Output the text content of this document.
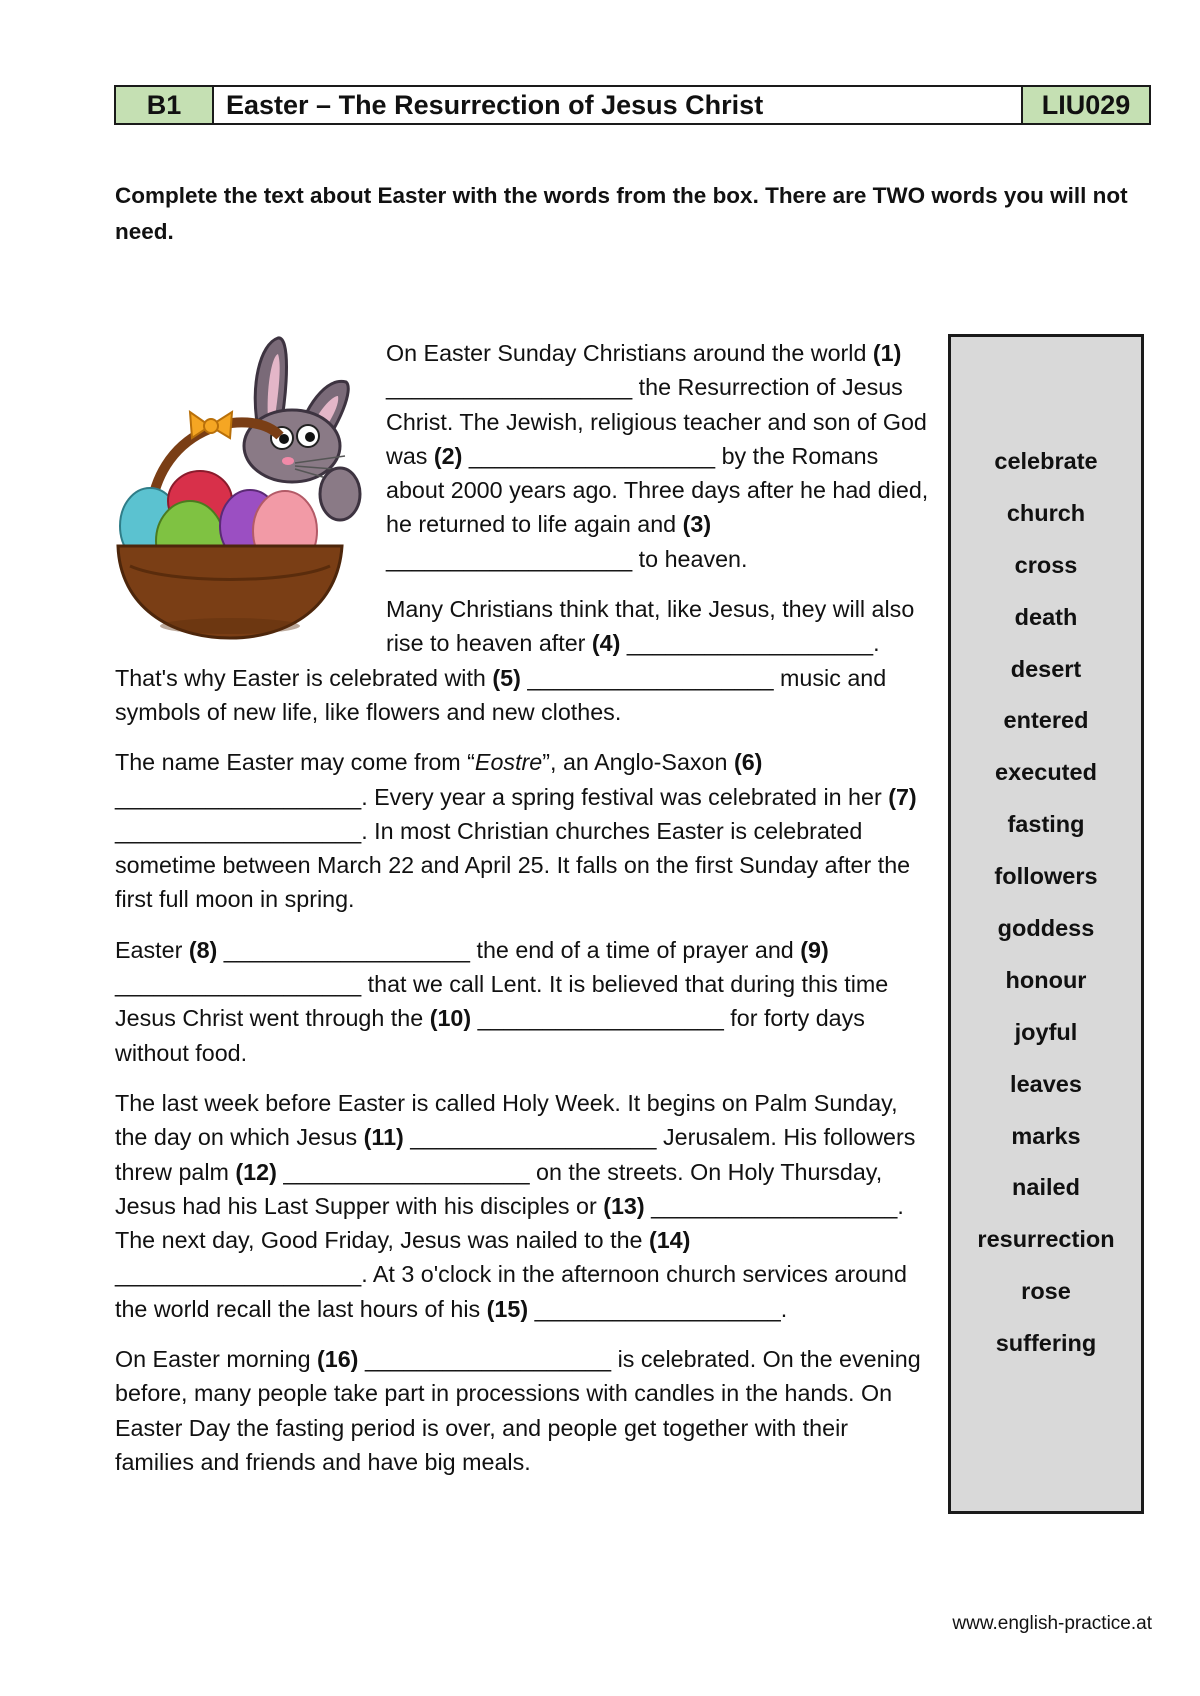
B1	Easter – The Resurrection of Jesus Christ	LIU029
Complete the text about Easter with the words from the box. There are TWO words you will not need.

On Easter Sunday Christians around the world (1) ___________________ the Resurrection of Jesus Christ. The Jewish, religious teacher and son of God was (2) ___________________ by the Romans about 2000 years ago. Three days after he had died, he returned to life again and (3) ___________________ to heaven.

Many Christians think that, like Jesus, they will also rise to heaven after (4) ___________________. That's why Easter is celebrated with (5) ___________________ music and symbols of new life, like flowers and new clothes.

The name Easter may come from “Eostre”, an Anglo-Saxon (6) ___________________. Every year a spring festival was celebrated in her (7) ___________________. In most Christian churches Easter is celebrated sometime between March 22 and April 25. It falls on the first Sunday after the first full moon in spring.

Easter (8) ___________________ the end of a time of prayer and (9) ___________________ that we call Lent. It is believed that during this time Jesus Christ went through the (10) ___________________ for forty days without food.

The last week before Easter is called Holy Week. It begins on Palm Sunday, the day on which Jesus (11) ___________________ Jerusalem. His followers threw palm (12) ___________________ on the streets. On Holy Thursday, Jesus had his Last Supper with his disciples or (13) ___________________. The next day, Good Friday, Jesus was nailed to the (14) ___________________. At 3 o'clock in the afternoon church services around the world recall the last hours of his (15) ___________________.

On Easter morning (16) ___________________ is celebrated. On the evening before, many people take part in processions with candles in the hands. On Easter Day the fasting period is over, and people get together with their families and friends and have big meals.

celebrate
church
cross
death
desert
entered
executed
fasting
followers
goddess
honour
joyful
leaves
marks
nailed
resurrection
rose
suffering
www.english-practice.at
